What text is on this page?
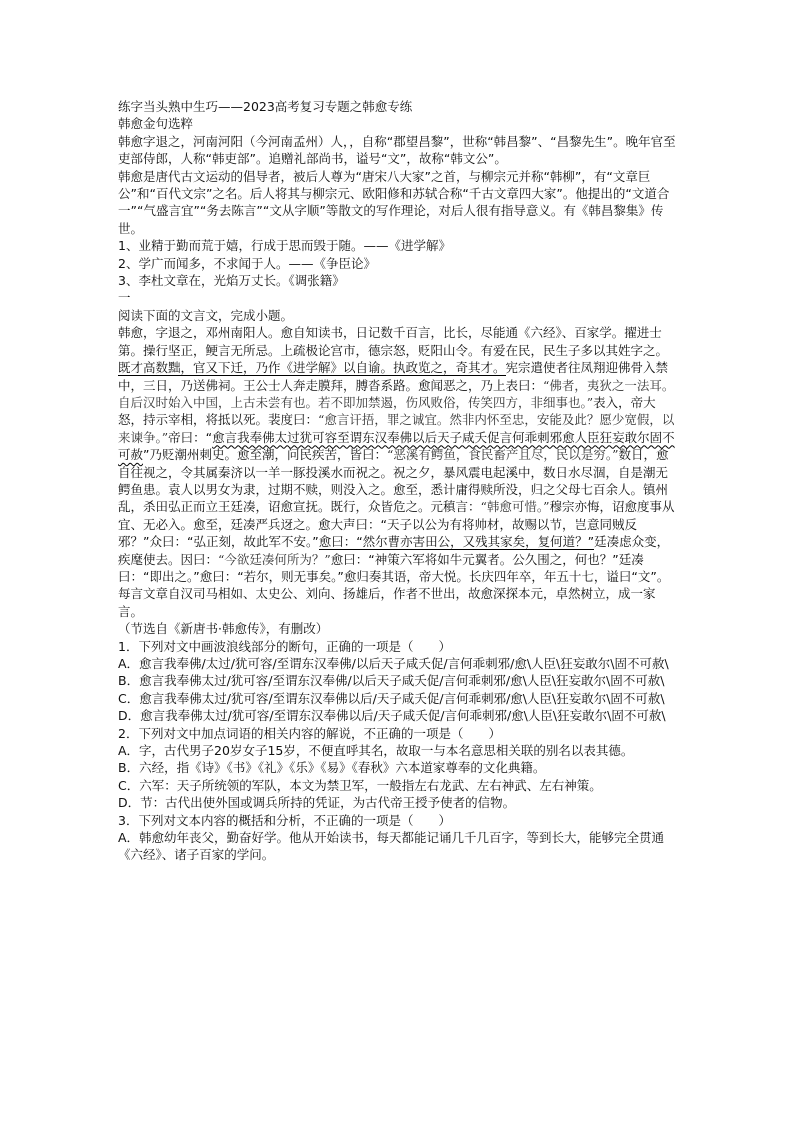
练字当头熟中生巧——2023高考复习专题之韩愈专练

韩愈金句选粹

韩愈字退之，河南河阳（今河南孟州）人，，自称“郡望昌黎”，世称“韩昌黎”、“昌黎先生”。晚年官至吏部侍郎，人称“韩吏部”。追赠礼部尚书，谥号“文”，故称“韩文公”。

韩愈是唐代古文运动的倡导者，被后人尊为“唐宋八大家”之首，与柳宗元并称“韩柳”，有“文章巨公”和“百代文宗”之名。后人将其与柳宗元、欧阳修和苏轼合称“千古文章四大家”。他提出的“文道合一”“气盛言宜”“务去陈言”“文从字顺”等散文的写作理论，对后人很有指导意义。有《韩昌黎集》传世。

1、业精于勤而荒于嬉，行成于思而毁于随。——《进学解》

2、学广而闻多，不求闻于人。——《争臣论》

3、李杜文章在，光焰万丈长。《调张籍》

一

阅读下面的文言文，完成小题。

韩愈，字退之，邓州南阳人。愈自知读书，日记数千百言，比长，尽能通《六经》、百家学。擢进士第。操行坚正，鲠言无所忌。上疏极论宫市，德宗怒，贬阳山令。有爱在民，民生子多以其姓字之。既才高数黜，官又下迁，乃作《进学解》以自谕。执政览之，奇其才。宪宗遣使者往凤翔迎佛骨入禁中，三日，乃送佛祠。王公士人奔走膜拜，膊沓系路。愈闻恶之，乃上表曰：“佛者，夷狄之一法耳。自后汉时始入中国，上古未尝有也。若不即加禁遏，伤风败俗，传笑四方，非细事也。”表入，帝大怒，持示宰相，将抵以死。裴度曰：“愈言讦捂，罪之诚宜。然非内怀至忠，安能及此？愿少宽假，以来谏争。”帝曰：“愈言我奉佛太过犹可容至谓东汉奉佛以后天子咸夭促言何乖刺邪愈人臣狂妄敢尔固不可赦”乃贬潮州刺史。愈至潮，问民疾苦，皆曰：“恶溪有鳄鱼，食民畜产且尽，民以是穷。”数日，愈自往视之，令其属秦济以一羊一豚投溪水而祝之。祝之夕，暴风震电起溪中，数日水尽涸，自是潮无鳄鱼患。袁人以男女为隶，过期不赎，则没入之。愈至，悉计庸得赎所没，归之父母七百余人。镇州乱，杀田弘正而立王廷凑，诏愈宣抚。既行，众皆危之。元稹言：“韩愈可惜。”穆宗亦悔，诏愈度事从宜、无必入。愈至，廷凑严兵迓之。愈大声曰：“天子以公为有将帅材，故赐以节，岂意同贼反邪？”众曰：“弘正刻，故此军不安。”愈曰：“然尔曹亦害田公，又残其家矣，复何道？”廷凑虑众变，疾麾使去。因曰：“今欲廷凑何所为？”愈曰：“神策六军将如牛元翼者。公久围之，何也？”廷凑曰：“即出之。”愈曰：“若尔，则无事矣。”愈归奏其语，帝大悦。长庆四年卒，年五十七，谥曰“文”。每言文章自汉司马相如、太史公、刘向、扬雄后，作者不世出，故愈深探本元，卓然树立，成一家言。

（节选自《新唐书·韩愈传》，有删改）

1．下列对文中画波浪线部分的断句，正确的一项是（　　）

A．愈言我奉佛/太过/犹可容/至谓东汉奉佛/以后天子咸夭促/言何乖刺邪/愈\人臣\狂妄敢尔\固不可赦\

B．愈言我奉佛太过/犹可容/至谓东汉奉佛/以后天子咸夭促/言何乖刺邪/愈\人臣\狂妄敢尔\固不可赦\

C．愈言我奉佛太过/犹可容/至谓东汉奉佛以后/天子咸夭促/言何乖刺邪/愈\人臣\狂妄敢尔\固不可赦\

D．愈言我奉佛太过/犹可容/至谓东汉奉佛以后/天子咸夭促/言何乖刺邪/愈\人臣\狂妄敢尔\固不可赦\

2．下列对文中加点词语的相关内容的解说，不正确的一项是（　　）

A．字，古代男子20岁女子15岁，不便直呼其名，故取一与本名意思相关联的别名以表其德。

B．六经，指《诗》《书》《礼》《乐》《易》《春秋》六本道家尊奉的文化典籍。

C．六军：天子所统领的军队，本文为禁卫军，一般指左右龙武、左右神武、左右神策。

D．节：古代出使外国或调兵所持的凭证，为古代帝王授予使者的信物。

3．下列对文本内容的概括和分析，不正确的一项是（　　）

A．韩愈幼年丧父，勤奋好学。他从开始读书，每天都能记诵几千几百字，等到长大，能够完全贯通《六经》、诸子百家的学问。
